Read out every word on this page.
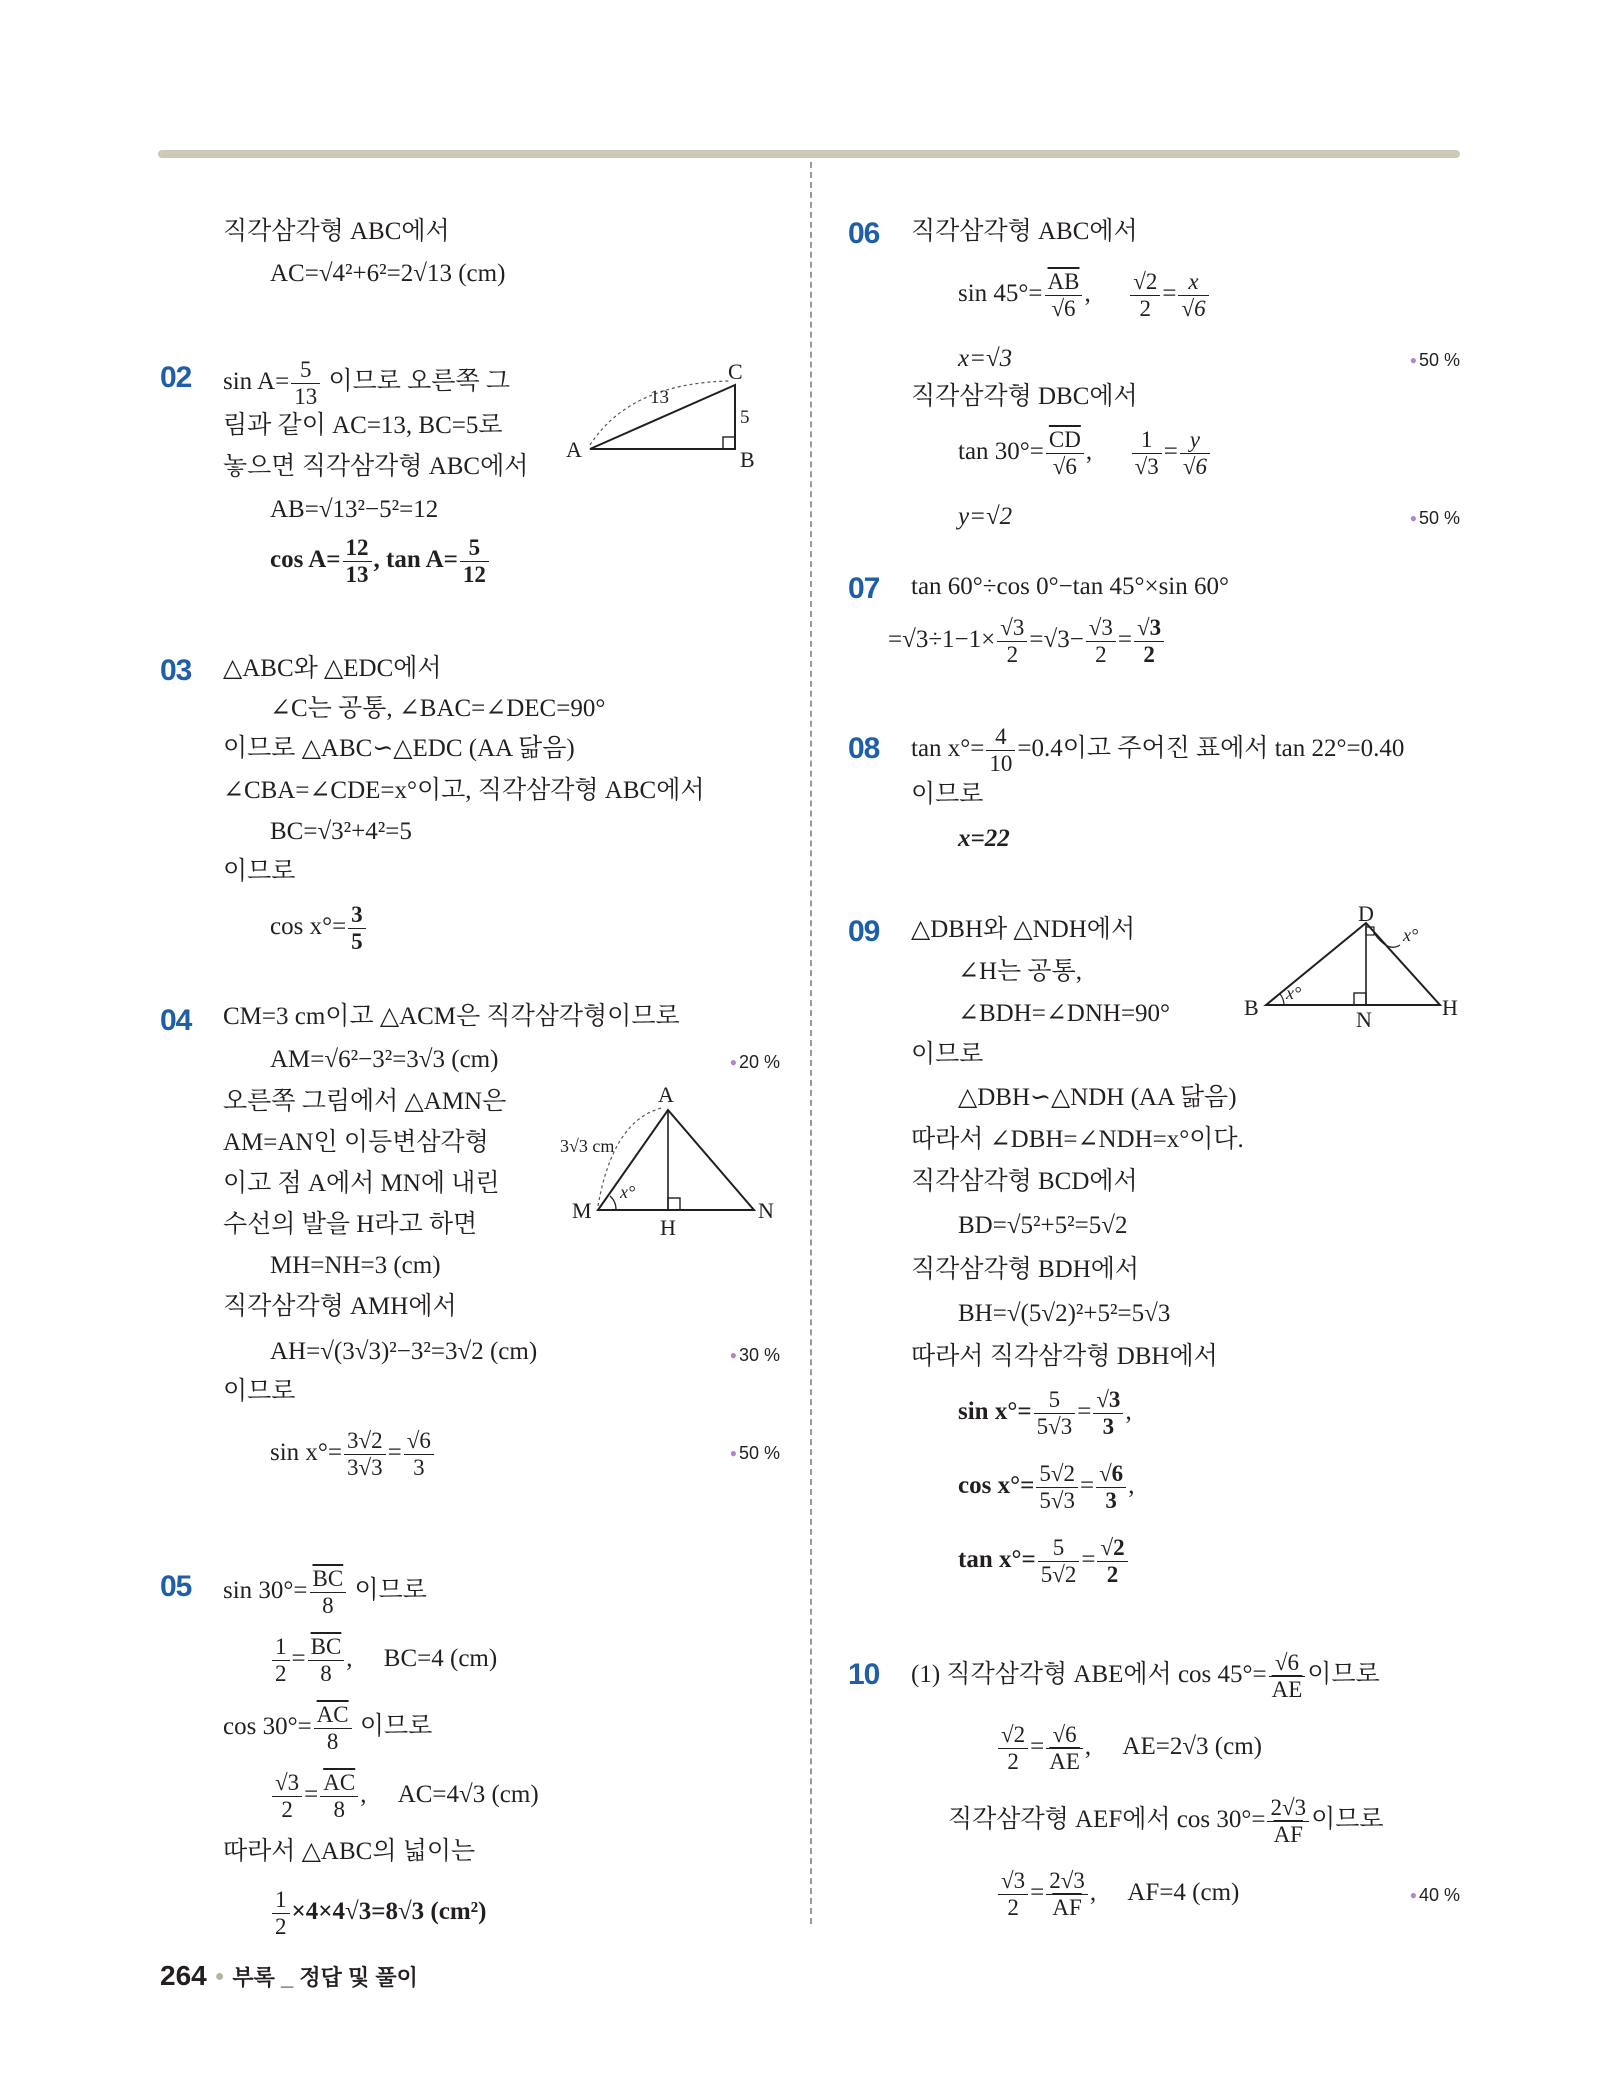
직각삼각형 ABC에서
AC=√4²+6²=2√13 (cm)
02 $\sin A= \frac{5}{13}$ 이므로 오른쪽 그
림과 같이 AC=13, BC=5로
놓으면 직각삼각형 ABC에서
AB=√13²−5²=12
$\cos A= \frac{12}{13}$ , $\tan A= \frac{5}{12}$
A	B
C
13
5
03 △ABC와 △EDC에서
∠C는 공통, ∠BAC=∠DEC=90°
이므로 △ABC∽△EDC (AA 닮음)
∠CBA=∠CDE=x°이고, 직각삼각형 ABC에서
BC=√3²+4²=5
이므로
$\cos x^\circ= \frac{3}{5}$
04 CM=3 cm이고 △ACM은 직각삼각형이므로
AM=√6²−3²=3√3 (cm)	● 20 %
오른쪽 그림에서 △AMN은
AM=AN인 이등변삼각형
이고 점 A에서 MN에 내린
수선의 발을 H라고 하면
MH=NH=3 (cm)
직각삼각형 AMH에서
AH=√(3√3)²−3²=3√2 (cm)	● 30 %
이므로
$\sin x^\circ= \frac{3√2}{3√3} = \frac{√6}{3}$	● 50 %
A
M	N
H
x°
3√3 cm
05 $\sin 30^\circ= \frac{\overline{BC}}{8}$ 이므로
$\frac{1}{2} = \frac{\overline{BC}}{8}$ ,     BC=4 (cm)
$\cos 30^\circ= \frac{\overline{AC}}{8}$ 이므로
$\frac{√3}{2} = \frac{\overline{AC}}{8}$ ,     AC=4√3 (cm)
따라서 △ABC의 넓이는
$\frac{1}{2} \times 4\times 4√3=8√3$ (cm²)
06 직각삼각형 ABC에서
$\sin 45^\circ= \frac{\overline{AB}}{√6}$ , $\frac{√2}{2} = \frac{x}{√6}$
x=√3	● 50 %
직각삼각형 DBC에서
$\tan 30^\circ= \frac{\overline{CD}}{√6}$ , $\frac{1}{√3} = \frac{y}{√6}$
y=√2	● 50 %
07 tan 60°÷cos 0°−tan 45°×sin 60°
$=√3\div 1-1\times \frac{√3}{2} =√3- \frac{√3}{2} = \frac{√3}{2}$
08 $\tan x^\circ= \frac{4}{10} =0.4$이고 주어진 표에서 tan 22°=0.40
이므로
x=22
09 △DBH와 △NDH에서
∠H는 공통,
∠BDH=∠DNH=90°
이므로
△DBH∽△NDH (AA 닮음)
따라서 ∠DBH=∠NDH=x°이다.
직각삼각형 BCD에서
BD=√5²+5²=5√2
직각삼각형 BDH에서
BH=√(5√2)²+5²=5√3
따라서 직각삼각형 DBH에서
$\sin x^\circ= \frac{5}{5√3} = \frac{√3}{3}$ ,
$\cos x^\circ= \frac{5√2}{5√3} = \frac{√6}{3}$ ,
$\tan x^\circ= \frac{5}{5√2} = \frac{√2}{2}$
D
B	N	H
x°
x°
10 (1) 직각삼각형 ABE에서 $\cos 45^\circ= \frac{√6}{AE}$ 이므로
$\frac{√2}{2} = \frac{√6}{AE}$ ,     AE=2√3 (cm)
직각삼각형 AEF에서 $\cos 30^\circ= \frac{2√3}{AF}$ 이므로
$\frac{√3}{2} = \frac{2√3}{AF}$ ,     AF=4 (cm)	● 40 %
264 ● 부록 _ 정답 및 풀이
